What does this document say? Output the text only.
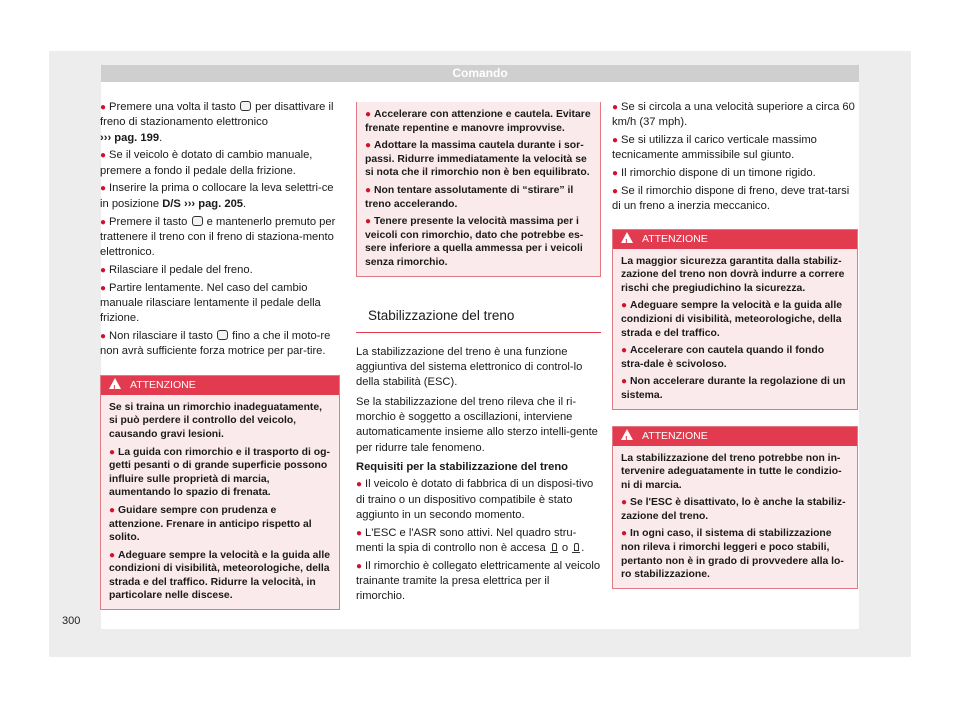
Comando
● Premere una volta il tasto  per disattivare il freno di stazionamento elettronico
››› pag. 199.
● Se il veicolo è dotato di cambio manuale, premere a fondo il pedale della frizione.
● Inserire la prima o collocare la leva selettri-ce in posizione D/S ››› pag. 205.
● Premere il tasto  e mantenerlo premuto per trattenere il treno con il freno di staziona-mento elettronico.
● Rilasciare il pedale del freno.
● Partire lentamente. Nel caso del cambio manuale rilasciare lentamente il pedale della frizione.
● Non rilasciare il tasto  fino a che il moto-re non avrà sufficiente forza motrice per par-tire.
!ATTENZIONE
Se si traina un rimorchio inadeguatamente, si può perdere il controllo del veicolo, causando gravi lesioni.
● La guida con rimorchio e il trasporto di og-getti pesanti o di grande superficie possono influire sulle proprietà di marcia, aumentando lo spazio di frenata.
● Guidare sempre con prudenza e attenzione. Frenare in anticipo rispetto al solito.
● Adeguare sempre la velocità e la guida alle condizioni di visibilità, meteorologiche, della strada e del traffico. Ridurre la velocità, in particolare nelle discese.
● Accelerare con attenzione e cautela. Evitare frenate repentine e manovre improvvise.
● Adottare la massima cautela durante i sor-passi. Ridurre immediatamente la velocità se si nota che il rimorchio non è ben equilibrato.
● Non tentare assolutamente di “stirare” il treno accelerando.
● Tenere presente la velocità massima per i veicoli con rimorchio, dato che potrebbe es-sere inferiore a quella ammessa per i veicoli senza rimorchio.
Stabilizzazione del treno
La stabilizzazione del treno è una funzione aggiuntiva del sistema elettronico di control-lo della stabilità (ESC).
Se la stabilizzazione del treno rileva che il ri-morchio è soggetto a oscillazioni, interviene automaticamente insieme allo sterzo intelli-gente per ridurre tale fenomeno.
Requisiti per la stabilizzazione del treno
● Il veicolo è dotato di fabbrica di un disposi-tivo di traino o un dispositivo compatibile è stato aggiunto in un secondo momento.
● L'ESC e l'ASR sono attivi. Nel quadro stru-menti la spia di controllo non è accesa  o .
● Il rimorchio è collegato elettricamente al veicolo trainante tramite la presa elettrica per il rimorchio.
● Se si circola a una velocità superiore a circa 60 km/h (37 mph).
● Se si utilizza il carico verticale massimo tecnicamente ammissibile sul giunto.
● Il rimorchio dispone di un timone rigido.
● Se il rimorchio dispone di freno, deve trat-tarsi di un freno a inerzia meccanico.
!ATTENZIONE
La maggior sicurezza garantita dalla stabiliz-zazione del treno non dovrà indurre a correre rischi che pregiudichino la sicurezza.
● Adeguare sempre la velocità e la guida alle condizioni di visibilità, meteorologiche, della strada e del traffico.
● Accelerare con cautela quando il fondo stra-dale è scivoloso.
● Non accelerare durante la regolazione di un sistema.
!ATTENZIONE
La stabilizzazione del treno potrebbe non in-tervenire adeguatamente in tutte le condizio-ni di marcia.
● Se l'ESC è disattivato, lo è anche la stabiliz-zazione del treno.
● In ogni caso, il sistema di stabilizzazione non rileva i rimorchi leggeri e poco stabili, pertanto non è in grado di provvedere alla lo-ro stabilizzazione.
300
